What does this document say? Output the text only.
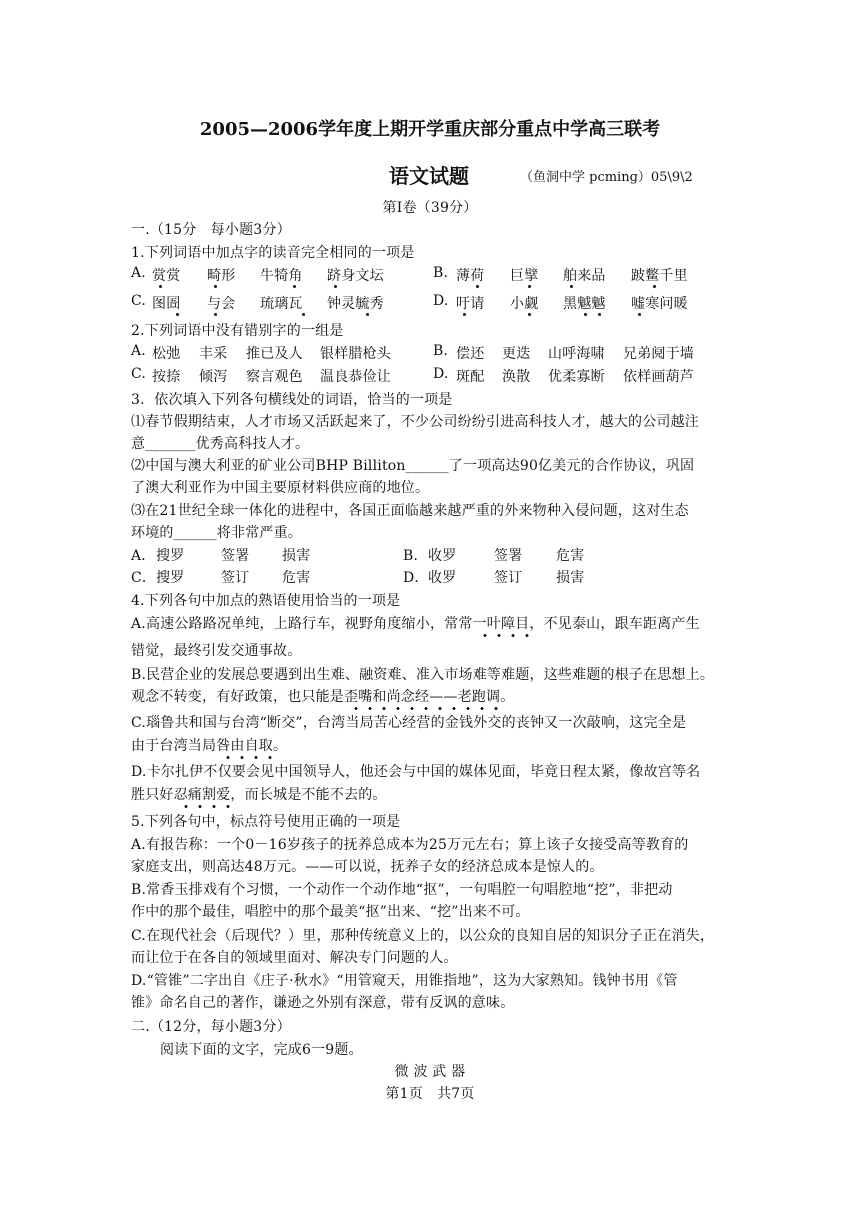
2005—2006学年度上期开学重庆部分重点中学高三联考
语文试题	（鱼洞中学 pcming）05\9\2
第Ⅰ卷（39分）
一.（15分　每小题3分）
1.下列词语中加点字的读音完全相同的一项是
A. 赏赏 畸形 牛犄角 跻身文坛	B. 薄荷 巨擘 舶来品 跛鳖千里
C. 图圄 与会 琉璃瓦 钟灵毓秀	D. 吁请 小觑 黑魆魆 嘘寒问暖
2.下列词语中没有错别字的一组是
A. 松弛 丰采 推已及人 银样腊枪头	B. 偿还 更迭 山呼海啸 兄弟阋于墙
C. 按捺 倾泻 察言观色 温良恭俭让	D. 斑配 涣散 优柔寡断 依样画葫芦
3．依次填入下列各句横线处的词语，恰当的一项是
⑴春节假期结束，人才市场又活跃起来了，不少公司纷纷引进高科技人才，越大的公司越注
意_______优秀高科技人才。
⑵中国与澳大利亚的矿业公司BHP Billiton______了一项高达90亿美元的合作协议，巩固
了澳大利亚作为中国主要原材料供应商的地位。
⑶在21世纪全球一体化的进程中，各国正面临越来越严重的外来物种入侵问题，这对生态
环境的______将非常严重。
A． 搜罗	签署 损害	B． 收罗	签署 危害
C． 搜罗	签订 危害	D． 收罗	签订 损害
4.下列各句中加点的熟语使用恰当的一项是
A.高速公路路况单纯，上路行车，视野角度缩小，常常一叶障目，不见泰山，跟车距离产生
错觉，最终引发交通事故。
B.民营企业的发展总要遇到出生难、融资难、准入市场难等难题，这些难题的根子在思想上。
观念不转变，有好政策，也只能是歪嘴和尚念经——老跑调。
C.瑙鲁共和国与台湾“断交”，台湾当局苦心经营的金钱外交的丧钟又一次敲响，这完全是
由于台湾当局咎由自取。
D.卡尔扎伊不仅要会见中国领导人，他还会与中国的媒体见面，毕竟日程太紧，像故宫等名
胜只好忍痛割爱，而长城是不能不去的。
5.下列各句中，标点符号使用正确的一项是
A.有报告称：一个0－16岁孩子的抚养总成本为25万元左右；算上该子女接受高等教育的
家庭支出，则高达48万元。——可以说，抚养子女的经济总成本是惊人的。
B.常香玉排戏有个习惯，一个动作一个动作地“抠”，一句唱腔一句唱腔地“挖”，非把动
作中的那个最佳，唱腔中的那个最美“抠”出来、“挖”出来不可。
C.在现代社会（后现代？）里，那种传统意义上的，以公众的良知自居的知识分子正在消失，
而让位于在各自的领域里面对、解决专门问题的人。
D.“管锥”二字出自《庄子·秋水》“用管窥天，用锥指地”，这为大家熟知。钱钟书用《管
锥》命名自己的著作，谦逊之外别有深意，带有反讽的意味。
二.（12分，每小题3分）
阅读下面的文字，完成6一9题。
微 波 武 器
第1页　共7页
